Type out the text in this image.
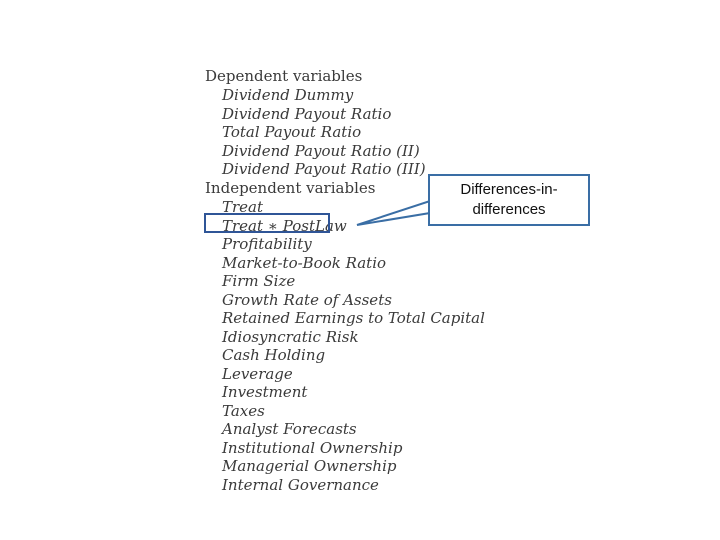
Dependent variables
Dividend Dummy
Dividend Payout Ratio
Total Payout Ratio
Dividend Payout Ratio (II)
Dividend Payout Ratio (III)
Independent variables
Treat
Treat ∗ PostLaw
Profitability
Market-to-Book Ratio
Firm Size
Growth Rate of Assets
Retained Earnings to Total Capital
Idiosyncratic Risk
Cash Holding
Leverage
Investment
Taxes
Analyst Forecasts
Institutional Ownership
Managerial Ownership
Internal Governance
Differences-in-differences
